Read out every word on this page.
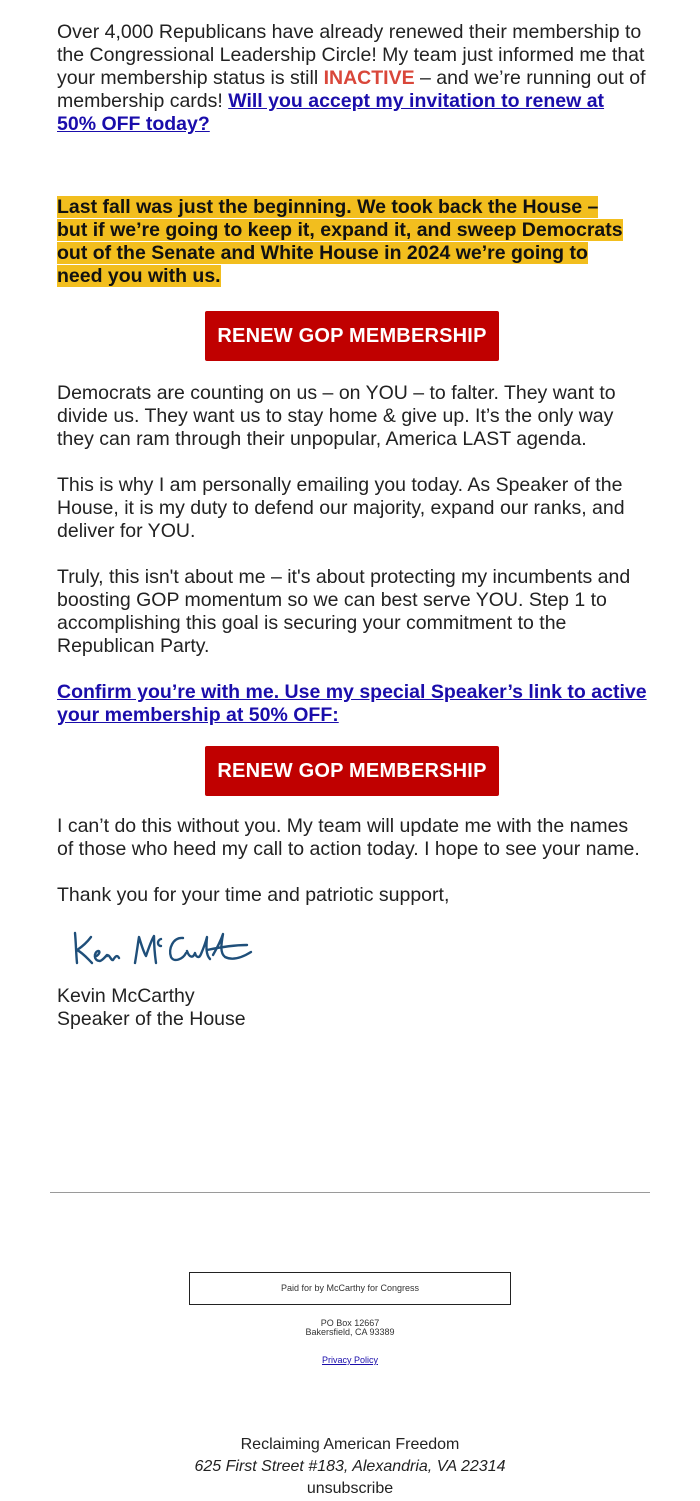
Over 4,000 Republicans have already renewed their membership to the Congressional Leadership Circle! My team just informed me that your membership status is still INACTIVE – and we’re running out of membership cards! Will you accept my invitation to renew at 50% OFF today?

Last fall was just the beginning. We took back the House –
but if we’re going to keep it, expand it, and sweep Democrats
out of the Senate and White House in 2024 we’re going to
need you with us.
RENEW GOP MEMBERSHIP

Democrats are counting on us – on YOU – to falter. They want to divide us. They want us to stay home & give up. It’s the only way they can ram through their unpopular, America LAST agenda.

This is why I am personally emailing you today. As Speaker of the House, it is my duty to defend our majority, expand our ranks, and deliver for YOU.

Truly, this isn't about me – it's about protecting my incumbents and boosting GOP momentum so we can best serve YOU. Step 1 to accomplishing this goal is securing your commitment to the Republican Party.

Confirm you’re with me. Use my special Speaker’s link to active your membership at 50% OFF:

RENEW GOP MEMBERSHIP

I can’t do this without you. My team will update me with the names of those who heed my call to action today. I hope to see your name.

Thank you for your time and patriotic support,

Kevin McCarthy

Speaker of the House

Paid for by McCarthy for Congress
PO Box 12667
Bakersfield, CA 93389
Privacy Policy
Reclaiming American Freedom
625 First Street #183, Alexandria, VA 22314
unsubscribe
